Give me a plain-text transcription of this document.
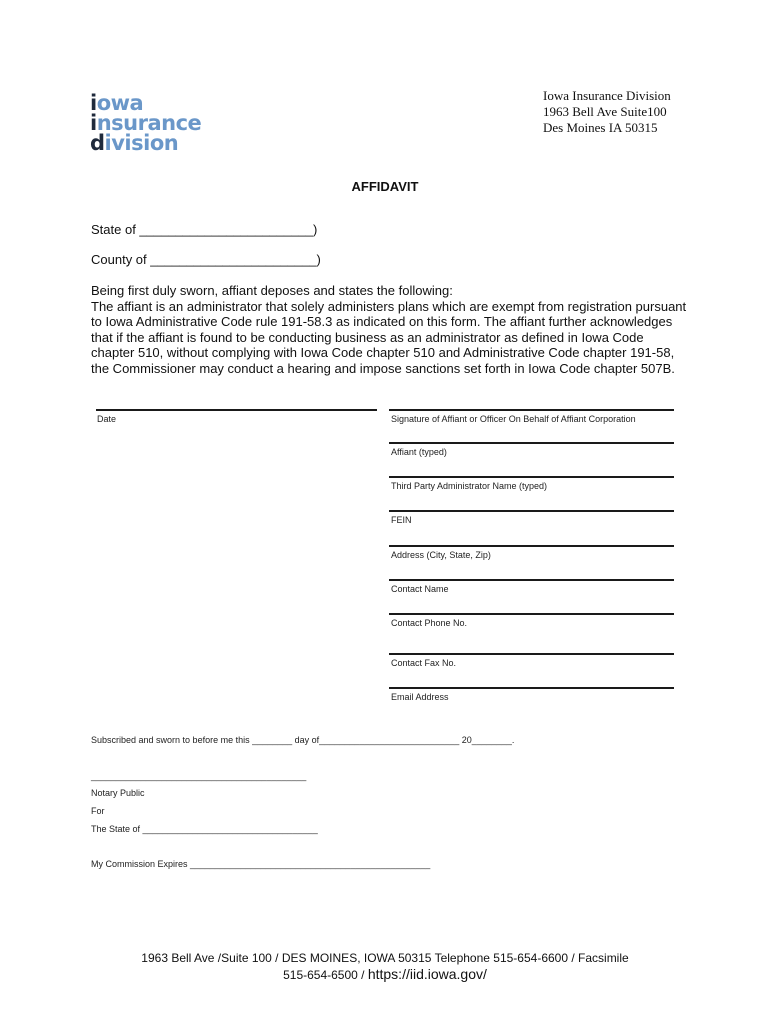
iowa
insurance
division
Iowa Insurance Division
1963 Bell Ave Suite100
Des Moines IA 50315
AFFIDAVIT
State of ________________________)
County of _______________________)
Being first duly sworn, affiant deposes and states the following:
The affiant is an administrator that solely administers plans which are exempt from registration pursuant
to Iowa Administrative Code rule 191-58.3 as indicated on this form. The affiant further acknowledges
that if the affiant is found to be conducting business as an administrator as defined in Iowa Code
chapter 510, without complying with Iowa Code chapter 510 and Administrative Code chapter 191-58,
the Commissioner may conduct a hearing and impose sanctions set forth in Iowa Code chapter 507B.
Date	Signature of Affiant or Officer On Behalf of Affiant Corporation
Affiant (typed)
Third Party Administrator Name (typed)
FEIN
Address (City, State, Zip)
Contact Name
Contact Phone No.
Contact Fax No.
Email Address
Subscribed and sworn to before me this ________ day of____________________________ 20________.
___________________________________________
Notary Public
For
The State of ___________________________________
My Commission Expires ________________________________________________
1963 Bell Ave /Suite 100 / DES MOINES, IOWA 50315 Telephone 515-654-6600 / Facsimile
515-654-6500 / https://iid.iowa.gov/
